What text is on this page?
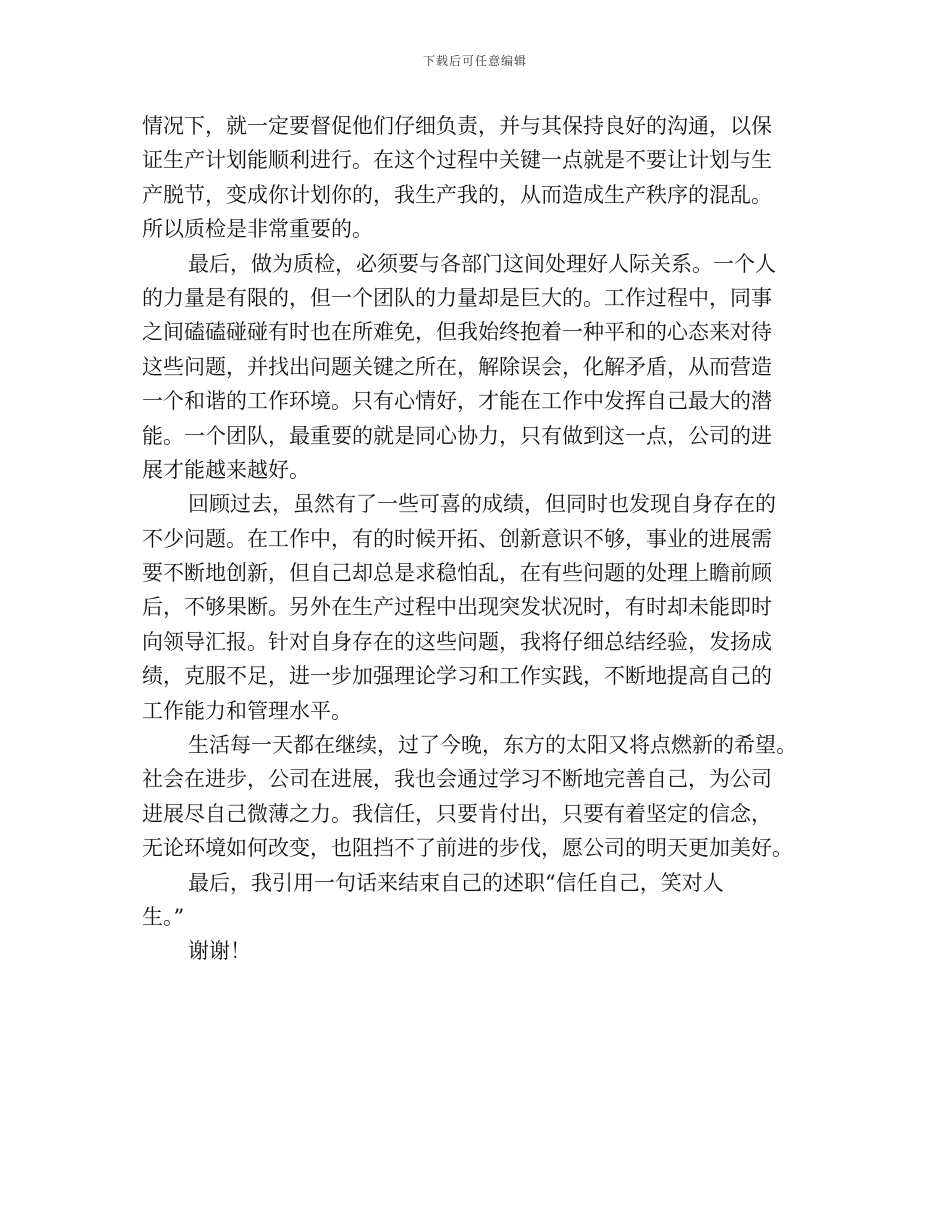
下载后可任意编辑
情况下，就一定要督促他们仔细负责，并与其保持良好的沟通，以保
证生产计划能顺利进行。在这个过程中关键一点就是不要让计划与生
产脱节，变成你计划你的，我生产我的，从而造成生产秩序的混乱。
所以质检是非常重要的。
最后，做为质检，必须要与各部门这间处理好人际关系。一个人
的力量是有限的，但一个团队的力量却是巨大的。工作过程中，同事
之间磕磕碰碰有时也在所难免，但我始终抱着一种平和的心态来对待
这些问题，并找出问题关键之所在，解除误会，化解矛盾，从而营造
一个和谐的工作环境。只有心情好，才能在工作中发挥自己最大的潜
能。一个团队，最重要的就是同心协力，只有做到这一点，公司的进
展才能越来越好。
回顾过去，虽然有了一些可喜的成绩，但同时也发现自身存在的
不少问题。在工作中，有的时候开拓、创新意识不够，事业的进展需
要不断地创新，但自己却总是求稳怕乱，在有些问题的处理上瞻前顾
后，不够果断。另外在生产过程中出现突发状况时，有时却未能即时
向领导汇报。针对自身存在的这些问题，我将仔细总结经验，发扬成
绩，克服不足，进一步加强理论学习和工作实践，不断地提高自己的
工作能力和管理水平。
生活每一天都在继续，过了今晚，东方的太阳又将点燃新的希望。
社会在进步，公司在进展，我也会通过学习不断地完善自己，为公司
进展尽自己微薄之力。我信任，只要肯付出，只要有着坚定的信念，
无论环境如何改变，也阻挡不了前进的步伐，愿公司的明天更加美好。
最后，我引用一句话来结束自己的述职“信任自己，笑对人
生。”
谢谢！
